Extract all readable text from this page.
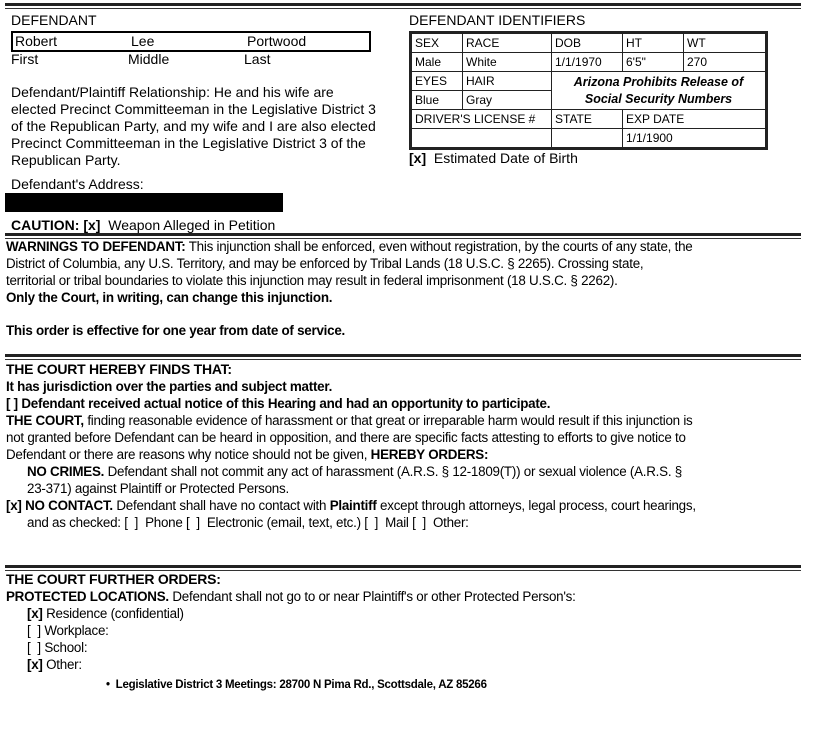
DEFENDANT
Robert	Lee	Portwood
First	Middle	Last
Defendant/Plaintiff Relationship: He and his wife are
elected Precinct Committeeman in the Legislative District 3
of the Republican Party, and my wife and I are also elected
Precinct Committeeman in the Legislative District 3 of the
Republican Party.
Defendant's Address:
CAUTION: [x] Weapon Alleged in Petition
DEFENDANT IDENTIFIERS
SEX	RACE	DOB	HT	WT
Male	White	1/1/1970	6'5"	270
EYES	HAIR	Arizona Prohibits Release of
Social Security Numbers		

Blue	Gray			
DRIVER'S LICENSE #		STATE	EXP DATE	
			1/1/1900	
[x] Estimated Date of Birth
WARNINGS TO DEFENDANT: This injunction shall be enforced, even without registration, by the courts of any state, the
District of Columbia, any U.S. Territory, and may be enforced by Tribal Lands (18 U.S.C. § 2265). Crossing state,
territorial or tribal boundaries to violate this injunction may result in federal imprisonment (18 U.S.C. § 2262).
Only the Court, in writing, can change this injunction.
This order is effective for one year from date of service.
THE COURT HEREBY FINDS THAT:
It has jurisdiction over the parties and subject matter.
[ ] Defendant received actual notice of this Hearing and had an opportunity to participate.
THE COURT, finding reasonable evidence of harassment or that great or irreparable harm would result if this injunction is
not granted before Defendant can be heard in opposition, and there are specific facts attesting to efforts to give notice to
Defendant or there are reasons why notice should not be given, HEREBY ORDERS:
NO CRIMES. Defendant shall not commit any act of harassment (A.R.S. § 12-1809(T)) or sexual violence (A.R.S. §
23-371) against Plaintiff or Protected Persons.
[x] NO CONTACT. Defendant shall have no contact with Plaintiff except through attorneys, legal process, court hearings,
and as checked: [  ]  Phone [  ]  Electronic (email, text, etc.) [  ]  Mail [  ]  Other:
THE COURT FURTHER ORDERS:
PROTECTED LOCATIONS. Defendant shall not go to or near Plaintiff's or other Protected Person's:
[x] Residence (confidential)
[  ] Workplace:
[  ] School:
[x] Other:
• Legislative District 3 Meetings: 28700 N Pima Rd., Scottsdale, AZ 85266
